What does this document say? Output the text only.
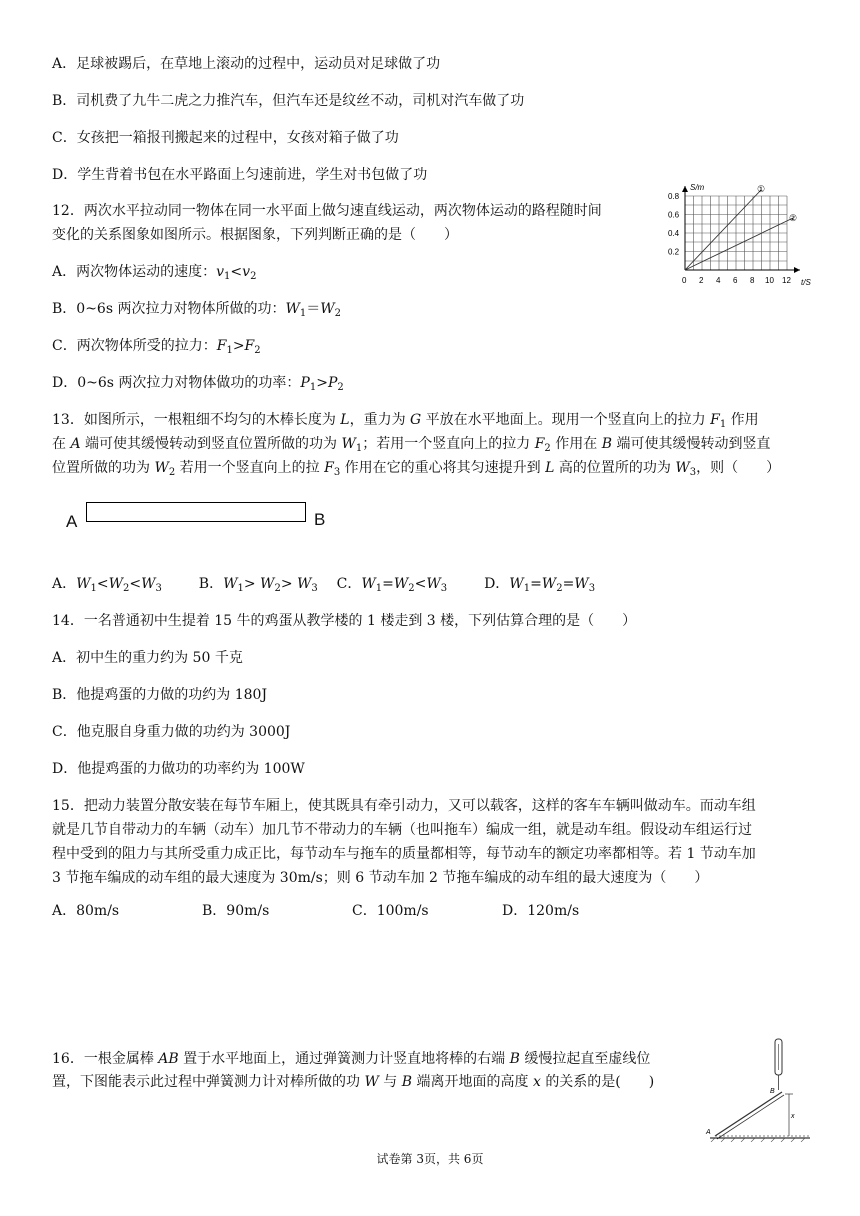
A．足球被踢后，在草地上滚动的过程中，运动员对足球做了功
B．司机费了九牛二虎之力推汽车，但汽车还是纹丝不动，司机对汽车做了功
C．女孩把一箱报刊搬起来的过程中，女孩对箱子做了功
D．学生背着书包在水平路面上匀速前进，学生对书包做了功
12．两次水平拉动同一物体在同一水平面上做匀速直线运动，两次物体运动的路程随时间
变化的关系图象如图所示。根据图象，下列判断正确的是（　　）
A．两次物体运动的速度：$v_1<v_2$
B．0~6s 两次拉力对物体所做的功：$W_1=W_2$
C．两次物体所受的拉力：$F_1>F_2$
D．0~6s 两次拉力对物体做功的功率：$P_1>P_2$
S/m
t/S
①
②
0.8
0.6
0.4
0.2
0 2 4 6 8 10 12
13．如图所示，一根粗细不均匀的木棒长度为 L，重力为 G 平放在水平地面上。现用一个竖直向上的拉力 $F_1$ 作用
在 A 端可使其缓慢转动到竖直位置所做的功为 $W_1$；若用一个竖直向上的拉力 $F_2$ 作用在 B 端可使其缓慢转动到竖直
位置所做的功为 $W_2$ 若用一个竖直向上的拉 $F_3$ 作用在它的重心将其匀速提升到 L 高的位置所的功为 $W_3$，则（　　）
A	B
A．$W_1<W_2<W_3$	B．$W_1> W_2> W_3$ C．$W_1=W_2<W_3$	D．$W_1=W_2=W_3$
14．一名普通初中生提着 15 牛的鸡蛋从教学楼的 1 楼走到 3 楼，下列估算合理的是（　　）
A．初中生的重力约为 50 千克
B．他提鸡蛋的力做的功约为 180J
C．他克服自身重力做的功约为 3000J
D．他提鸡蛋的力做功的功率约为 100W
15．把动力装置分散安装在每节车厢上，使其既具有牵引动力，又可以载客，这样的客车车辆叫做动车。而动车组
就是几节自带动力的车辆（动车）加几节不带动力的车辆（也叫拖车）编成一组，就是动车组。假设动车组运行过
程中受到的阻力与其所受重力成正比，每节动车与拖车的质量都相等，每节动车的额定功率都相等。若 1 节动车加
3 节拖车编成的动车组的最大速度为 30m/s；则 6 节动车加 2 节拖车编成的动车组的最大速度为（　　）
A．80m/s	B．90m/s	C．100m/s	D．120m/s
16．一根金属棒 AB 置于水平地面上，通过弹簧测力计竖直地将棒的右端 B 缓慢拉起直至虚线位
置，下图能表示此过程中弹簧测力计对棒所做的功 W 与 B 端离开地面的高度 x 的关系的是(　　)
A
B
x
试卷第 3页，共 6页
